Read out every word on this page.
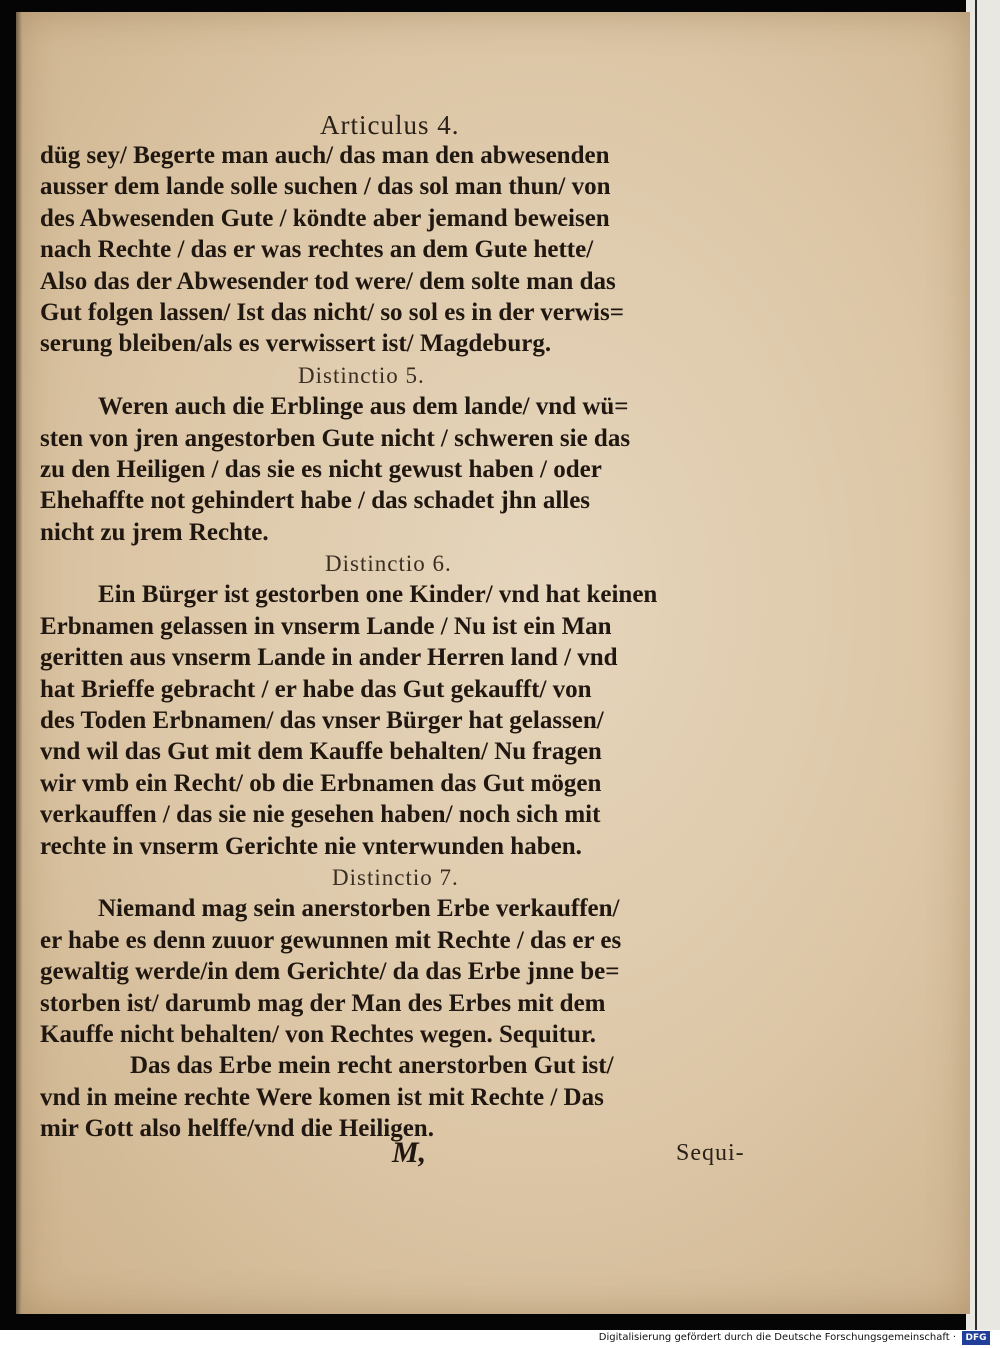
Articulus 4.
düg sey/ Begerte man auch/ das man den abwesenden
ausser dem lande solle suchen / das sol man thun/ von
des Abwesenden Gute / köndte aber jemand beweisen
nach Rechte / das er was rechtes an dem Gute hette/
Also das der Abwesender tod were/ dem solte man das
Gut folgen lassen/ Ist das nicht/ so sol es in der verwis=
serung bleiben/als es verwissert ist/ Magdeburg.
Distinctio 5.
Weren auch die Erblinge aus dem lande/ vnd wü=
sten von jren angestorben Gute nicht / schweren sie das
zu den Heiligen / das sie es nicht gewust haben / oder
Ehehaffte not gehindert habe / das schadet jhn alles
nicht zu jrem Rechte.
Distinctio 6.
Ein Bürger ist gestorben one Kinder/ vnd hat keinen
Erbnamen gelassen in vnserm Lande / Nu ist ein Man
geritten aus vnserm Lande in ander Herren land / vnd
hat Brieffe gebracht / er habe das Gut gekaufft/ von
des Toden Erbnamen/ das vnser Bürger hat gelassen/
vnd wil das Gut mit dem Kauffe behalten/ Nu fragen
wir vmb ein Recht/ ob die Erbnamen das Gut mögen
verkauffen / das sie nie gesehen haben/ noch sich mit
rechte in vnserm Gerichte nie vnterwunden haben.
Distinctio 7.
Niemand mag sein anerstorben Erbe verkauffen/
er habe es denn zuuor gewunnen mit Rechte / das er es
gewaltig werde/in dem Gerichte/ da das Erbe jnne be=
storben ist/ darumb mag der Man des Erbes mit dem
Kauffe nicht behalten/ von Rechtes wegen. Sequitur.
Das das Erbe mein recht anerstorben Gut ist/
vnd in meine rechte Were komen ist mit Rechte / Das
mir Gott also helffe/vnd die Heiligen.
M,	Sequi-
Digitalisierung gefördert durch die Deutsche Forschungsgemeinschaft ·	DFG
